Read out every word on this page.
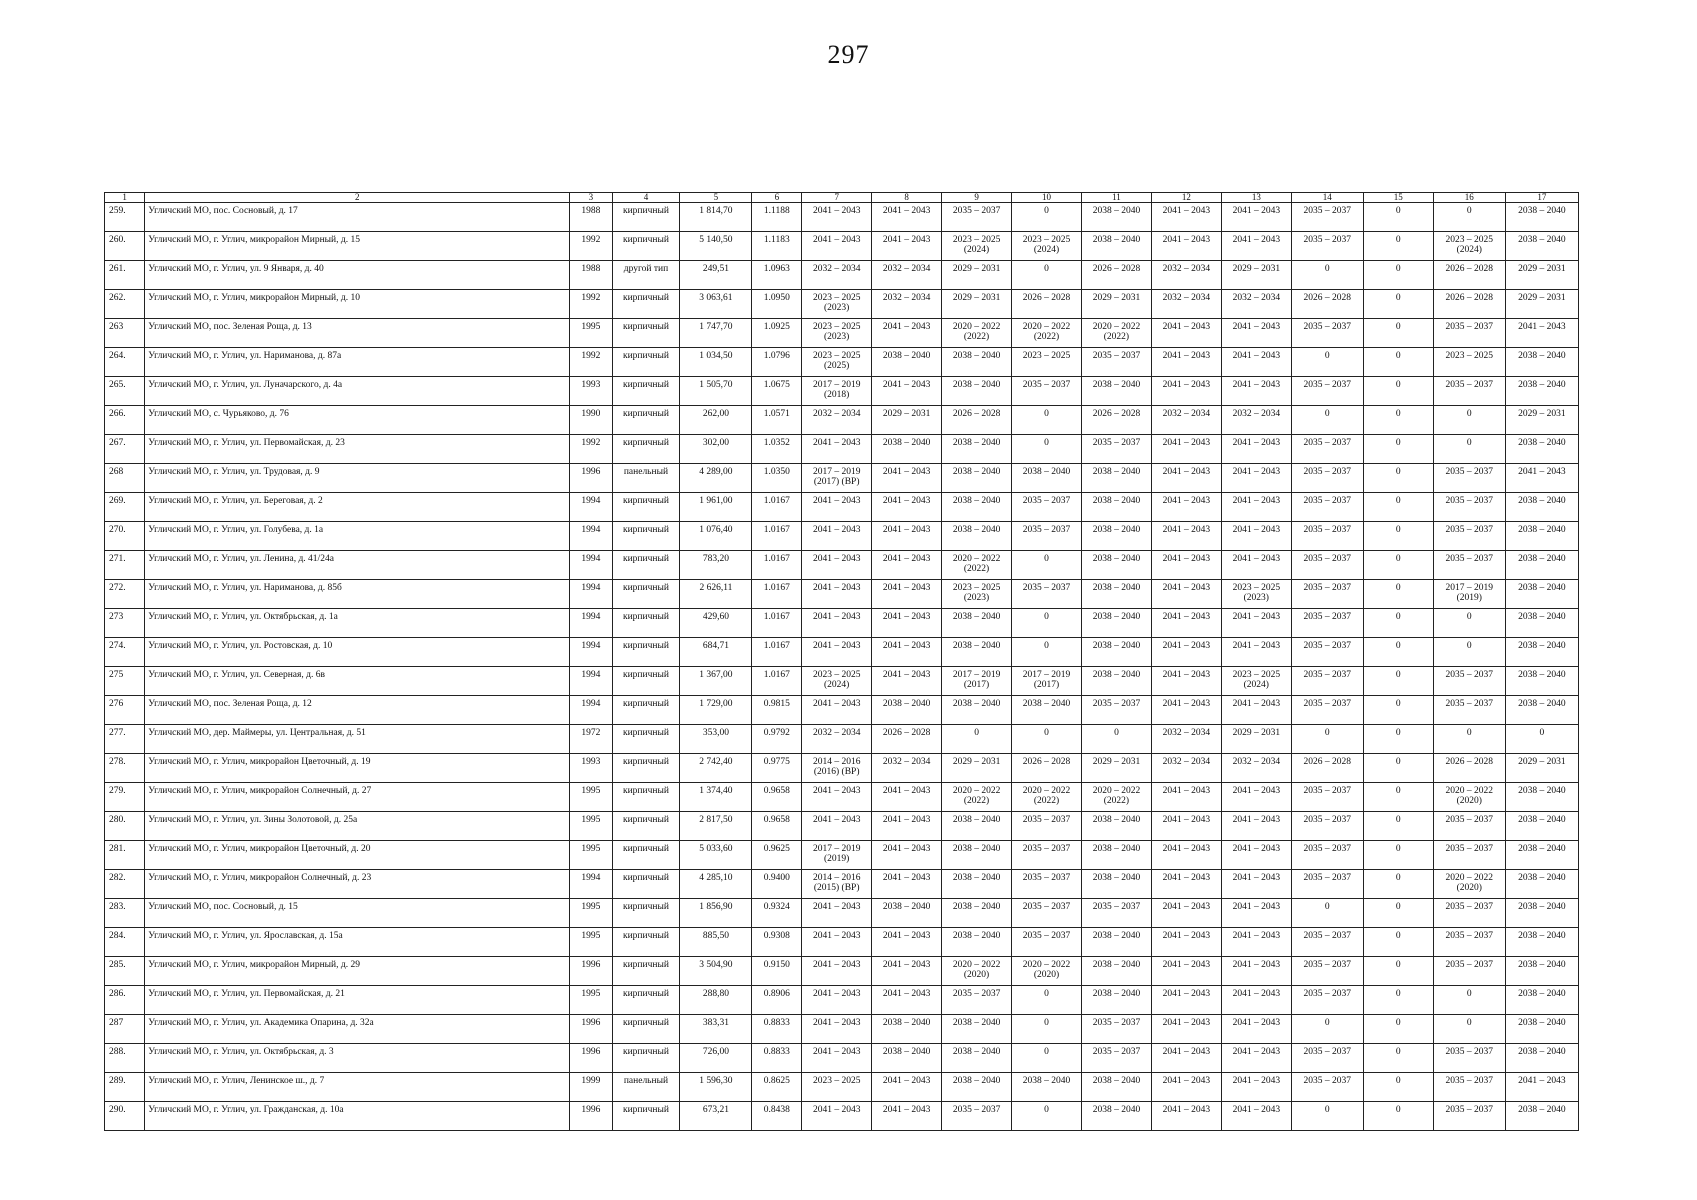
297
1	2	3	4	5	6	7	8	9	10	11	12	13	14	15	16	17
259.	Угличский МО, пос. Сосновый, д. 17	1988	кирпичный	1 814,70	1.1188	2041 – 2043	2041 – 2043	2035 – 2037	0	2038 – 2040	2041 – 2043	2041 – 2043	2035 – 2037	0	0	2038 – 2040
260.	Угличский МО, г. Углич, микрорайон Мирный, д. 15	1992	кирпичный	5 140,50	1.1183	2041 – 2043	2041 – 2043	2023 – 2025 (2024)	2023 – 2025 (2024)	2038 – 2040	2041 – 2043	2041 – 2043	2035 – 2037	0	2023 – 2025 (2024)	2038 – 2040
261.	Угличский МО, г. Углич, ул. 9 Января, д. 40	1988	другой тип	249,51	1.0963	2032 – 2034	2032 – 2034	2029 – 2031	0	2026 – 2028	2032 – 2034	2029 – 2031	0	0	2026 – 2028	2029 – 2031
262.	Угличский МО, г. Углич, микрорайон Мирный, д. 10	1992	кирпичный	3 063,61	1.0950	2023 – 2025 (2023)	2032 – 2034	2029 – 2031	2026 – 2028	2029 – 2031	2032 – 2034	2032 – 2034	2026 – 2028	0	2026 – 2028	2029 – 2031
263	Угличский МО, пос. Зеленая Роща, д. 13	1995	кирпичный	1 747,70	1.0925	2023 – 2025 (2023)	2041 – 2043	2020 – 2022 (2022)	2020 – 2022 (2022)	2020 – 2022 (2022)	2041 – 2043	2041 – 2043	2035 – 2037	0	2035 – 2037	2041 – 2043
264.	Угличский МО, г. Углич, ул. Нариманова, д. 87а	1992	кирпичный	1 034,50	1.0796	2023 – 2025 (2025)	2038 – 2040	2038 – 2040	2023 – 2025	2035 – 2037	2041 – 2043	2041 – 2043	0	0	2023 – 2025	2038 – 2040
265.	Угличский МО, г. Углич, ул. Луначарского, д. 4а	1993	кирпичный	1 505,70	1.0675	2017 – 2019 (2018)	2041 – 2043	2038 – 2040	2035 – 2037	2038 – 2040	2041 – 2043	2041 – 2043	2035 – 2037	0	2035 – 2037	2038 – 2040
266.	Угличский МО, с. Чурьяково, д. 76	1990	кирпичный	262,00	1.0571	2032 – 2034	2029 – 2031	2026 – 2028	0	2026 – 2028	2032 – 2034	2032 – 2034	0	0	0	2029 – 2031
267.	Угличский МО, г. Углич, ул. Первомайская, д. 23	1992	кирпичный	302,00	1.0352	2041 – 2043	2038 – 2040	2038 – 2040	0	2035 – 2037	2041 – 2043	2041 – 2043	2035 – 2037	0	0	2038 – 2040
268	Угличский МО, г. Углич, ул. Трудовая, д. 9	1996	панельный	4 289,00	1.0350	2017 – 2019 (2017) (ВР)	2041 – 2043	2038 – 2040	2038 – 2040	2038 – 2040	2041 – 2043	2041 – 2043	2035 – 2037	0	2035 – 2037	2041 – 2043
269.	Угличский МО, г. Углич, ул. Береговая, д. 2	1994	кирпичный	1 961,00	1.0167	2041 – 2043	2041 – 2043	2038 – 2040	2035 – 2037	2038 – 2040	2041 – 2043	2041 – 2043	2035 – 2037	0	2035 – 2037	2038 – 2040
270.	Угличский МО, г. Углич, ул. Голубева, д. 1а	1994	кирпичный	1 076,40	1.0167	2041 – 2043	2041 – 2043	2038 – 2040	2035 – 2037	2038 – 2040	2041 – 2043	2041 – 2043	2035 – 2037	0	2035 – 2037	2038 – 2040
271.	Угличский МО, г. Углич, ул. Ленина, д. 41/24а	1994	кирпичный	783,20	1.0167	2041 – 2043	2041 – 2043	2020 – 2022 (2022)	0	2038 – 2040	2041 – 2043	2041 – 2043	2035 – 2037	0	2035 – 2037	2038 – 2040
272.	Угличский МО, г. Углич, ул. Нариманова, д. 85б	1994	кирпичный	2 626,11	1.0167	2041 – 2043	2041 – 2043	2023 – 2025 (2023)	2035 – 2037	2038 – 2040	2041 – 2043	2023 – 2025 (2023)	2035 – 2037	0	2017 – 2019 (2019)	2038 – 2040
273	Угличский МО, г. Углич, ул. Октябрьская, д. 1а	1994	кирпичный	429,60	1.0167	2041 – 2043	2041 – 2043	2038 – 2040	0	2038 – 2040	2041 – 2043	2041 – 2043	2035 – 2037	0	0	2038 – 2040
274.	Угличский МО, г. Углич, ул. Ростовская, д. 10	1994	кирпичный	684,71	1.0167	2041 – 2043	2041 – 2043	2038 – 2040	0	2038 – 2040	2041 – 2043	2041 – 2043	2035 – 2037	0	0	2038 – 2040
275	Угличский МО, г. Углич, ул. Северная, д. 6в	1994	кирпичный	1 367,00	1.0167	2023 – 2025 (2024)	2041 – 2043	2017 – 2019 (2017)	2017 – 2019 (2017)	2038 – 2040	2041 – 2043	2023 – 2025 (2024)	2035 – 2037	0	2035 – 2037	2038 – 2040
276	Угличский МО, пос. Зеленая Роща, д. 12	1994	кирпичный	1 729,00	0.9815	2041 – 2043	2038 – 2040	2038 – 2040	2038 – 2040	2035 – 2037	2041 – 2043	2041 – 2043	2035 – 2037	0	2035 – 2037	2038 – 2040
277.	Угличский МО, дер. Маймеры, ул. Центральная, д. 51	1972	кирпичный	353,00	0.9792	2032 – 2034	2026 – 2028	0	0	0	2032 – 2034	2029 – 2031	0	0	0	0
278.	Угличский МО, г. Углич, микрорайон Цветочный, д. 19	1993	кирпичный	2 742,40	0.9775	2014 – 2016 (2016) (ВР)	2032 – 2034	2029 – 2031	2026 – 2028	2029 – 2031	2032 – 2034	2032 – 2034	2026 – 2028	0	2026 – 2028	2029 – 2031
279.	Угличский МО, г. Углич, микрорайон Солнечный, д. 27	1995	кирпичный	1 374,40	0.9658	2041 – 2043	2041 – 2043	2020 – 2022 (2022)	2020 – 2022 (2022)	2020 – 2022 (2022)	2041 – 2043	2041 – 2043	2035 – 2037	0	2020 – 2022 (2020)	2038 – 2040
280.	Угличский МО, г. Углич, ул. Зины Золотовой, д. 25а	1995	кирпичный	2 817,50	0.9658	2041 – 2043	2041 – 2043	2038 – 2040	2035 – 2037	2038 – 2040	2041 – 2043	2041 – 2043	2035 – 2037	0	2035 – 2037	2038 – 2040
281.	Угличский МО, г. Углич, микрорайон Цветочный, д. 20	1995	кирпичный	5 033,60	0.9625	2017 – 2019 (2019)	2041 – 2043	2038 – 2040	2035 – 2037	2038 – 2040	2041 – 2043	2041 – 2043	2035 – 2037	0	2035 – 2037	2038 – 2040
282.	Угличский МО, г. Углич, микрорайон Солнечный, д. 23	1994	кирпичный	4 285,10	0.9400	2014 – 2016 (2015) (ВР)	2041 – 2043	2038 – 2040	2035 – 2037	2038 – 2040	2041 – 2043	2041 – 2043	2035 – 2037	0	2020 – 2022 (2020)	2038 – 2040
283.	Угличский МО, пос. Сосновый, д. 15	1995	кирпичный	1 856,90	0.9324	2041 – 2043	2038 – 2040	2038 – 2040	2035 – 2037	2035 – 2037	2041 – 2043	2041 – 2043	0	0	2035 – 2037	2038 – 2040
284.	Угличский МО, г. Углич, ул. Ярославская, д. 15а	1995	кирпичный	885,50	0.9308	2041 – 2043	2041 – 2043	2038 – 2040	2035 – 2037	2038 – 2040	2041 – 2043	2041 – 2043	2035 – 2037	0	2035 – 2037	2038 – 2040
285.	Угличский МО, г. Углич, микрорайон Мирный, д. 29	1996	кирпичный	3 504,90	0.9150	2041 – 2043	2041 – 2043	2020 – 2022 (2020)	2020 – 2022 (2020)	2038 – 2040	2041 – 2043	2041 – 2043	2035 – 2037	0	2035 – 2037	2038 – 2040
286.	Угличский МО, г. Углич, ул. Первомайская, д. 21	1995	кирпичный	288,80	0.8906	2041 – 2043	2041 – 2043	2035 – 2037	0	2038 – 2040	2041 – 2043	2041 – 2043	2035 – 2037	0	0	2038 – 2040
287	Угличский МО, г. Углич, ул. Академика Опарина, д. 32а	1996	кирпичный	383,31	0.8833	2041 – 2043	2038 – 2040	2038 – 2040	0	2035 – 2037	2041 – 2043	2041 – 2043	0	0	0	2038 – 2040
288.	Угличский МО, г. Углич, ул. Октябрьская, д. 3	1996	кирпичный	726,00	0.8833	2041 – 2043	2038 – 2040	2038 – 2040	0	2035 – 2037	2041 – 2043	2041 – 2043	2035 – 2037	0	2035 – 2037	2038 – 2040
289.	Угличский МО, г. Углич, Ленинское ш., д. 7	1999	панельный	1 596,30	0.8625	2023 – 2025	2041 – 2043	2038 – 2040	2038 – 2040	2038 – 2040	2041 – 2043	2041 – 2043	2035 – 2037	0	2035 – 2037	2041 – 2043
290.	Угличский МО, г. Углич, ул. Гражданская, д. 10а	1996	кирпичный	673,21	0.8438	2041 – 2043	2041 – 2043	2035 – 2037	0	2038 – 2040	2041 – 2043	2041 – 2043	0	0	2035 – 2037	2038 – 2040
